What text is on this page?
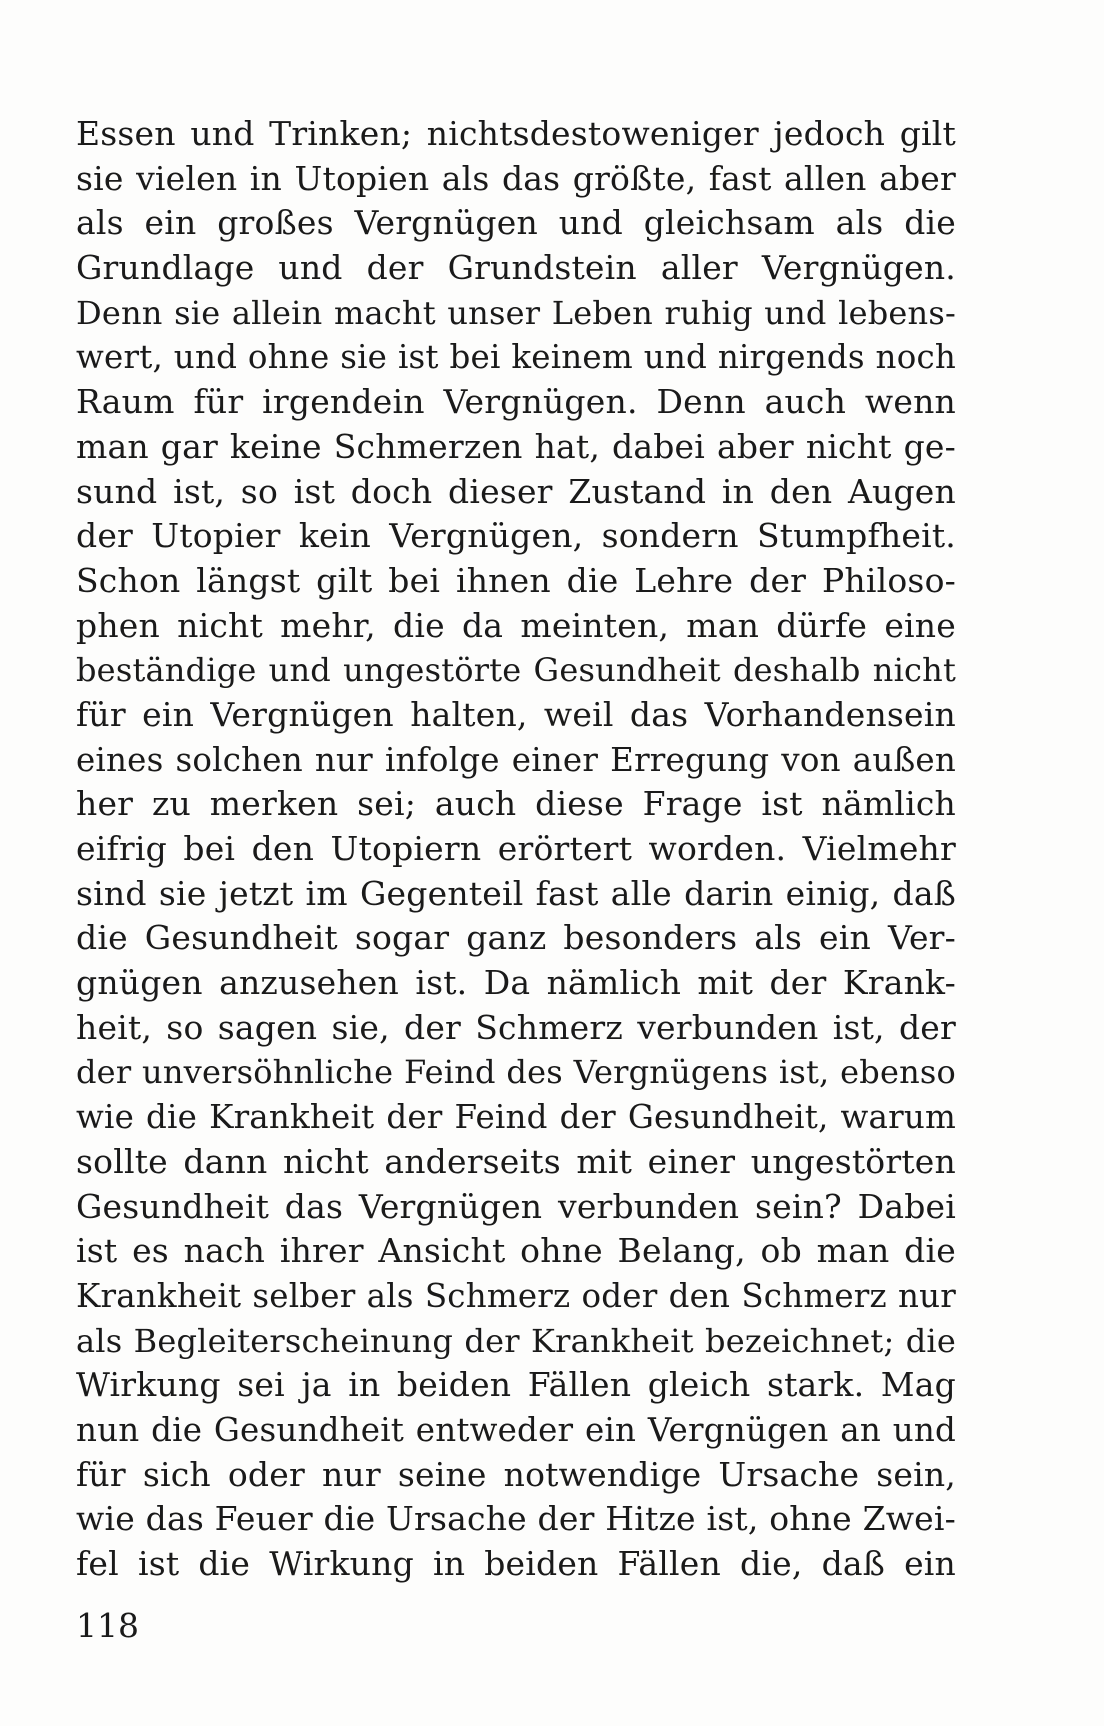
Essen und Trinken; nichtsdestoweniger jedoch gilt
sie vielen in Utopien als das größte, fast allen aber
als ein großes Vergnügen und gleichsam als die
Grundlage und der Grundstein aller Vergnügen.
Denn sie allein macht unser Leben ruhig und lebens-
wert, und ohne sie ist bei keinem und nirgends noch
Raum für irgendein Vergnügen. Denn auch wenn
man gar keine Schmerzen hat, dabei aber nicht ge-
sund ist, so ist doch dieser Zustand in den Augen
der Utopier kein Vergnügen, sondern Stumpfheit.
Schon längst gilt bei ihnen die Lehre der Philoso-
phen nicht mehr, die da meinten, man dürfe eine
beständige und ungestörte Gesundheit deshalb nicht
für ein Vergnügen halten, weil das Vorhandensein
eines solchen nur infolge einer Erregung von außen
her zu merken sei; auch diese Frage ist nämlich
eifrig bei den Utopiern erörtert worden. Vielmehr
sind sie jetzt im Gegenteil fast alle darin einig, daß
die Gesundheit sogar ganz besonders als ein Ver-
gnügen anzusehen ist. Da nämlich mit der Krank-
heit, so sagen sie, der Schmerz verbunden ist, der
der unversöhnliche Feind des Vergnügens ist, ebenso
wie die Krankheit der Feind der Gesundheit, warum
sollte dann nicht anderseits mit einer ungestörten
Gesundheit das Vergnügen verbunden sein? Dabei
ist es nach ihrer Ansicht ohne Belang, ob man die
Krankheit selber als Schmerz oder den Schmerz nur
als Begleiterscheinung der Krankheit bezeichnet; die
Wirkung sei ja in beiden Fällen gleich stark. Mag
nun die Gesundheit entweder ein Vergnügen an und
für sich oder nur seine notwendige Ursache sein,
wie das Feuer die Ursache der Hitze ist, ohne Zwei-
fel ist die Wirkung in beiden Fällen die, daß ein
118
